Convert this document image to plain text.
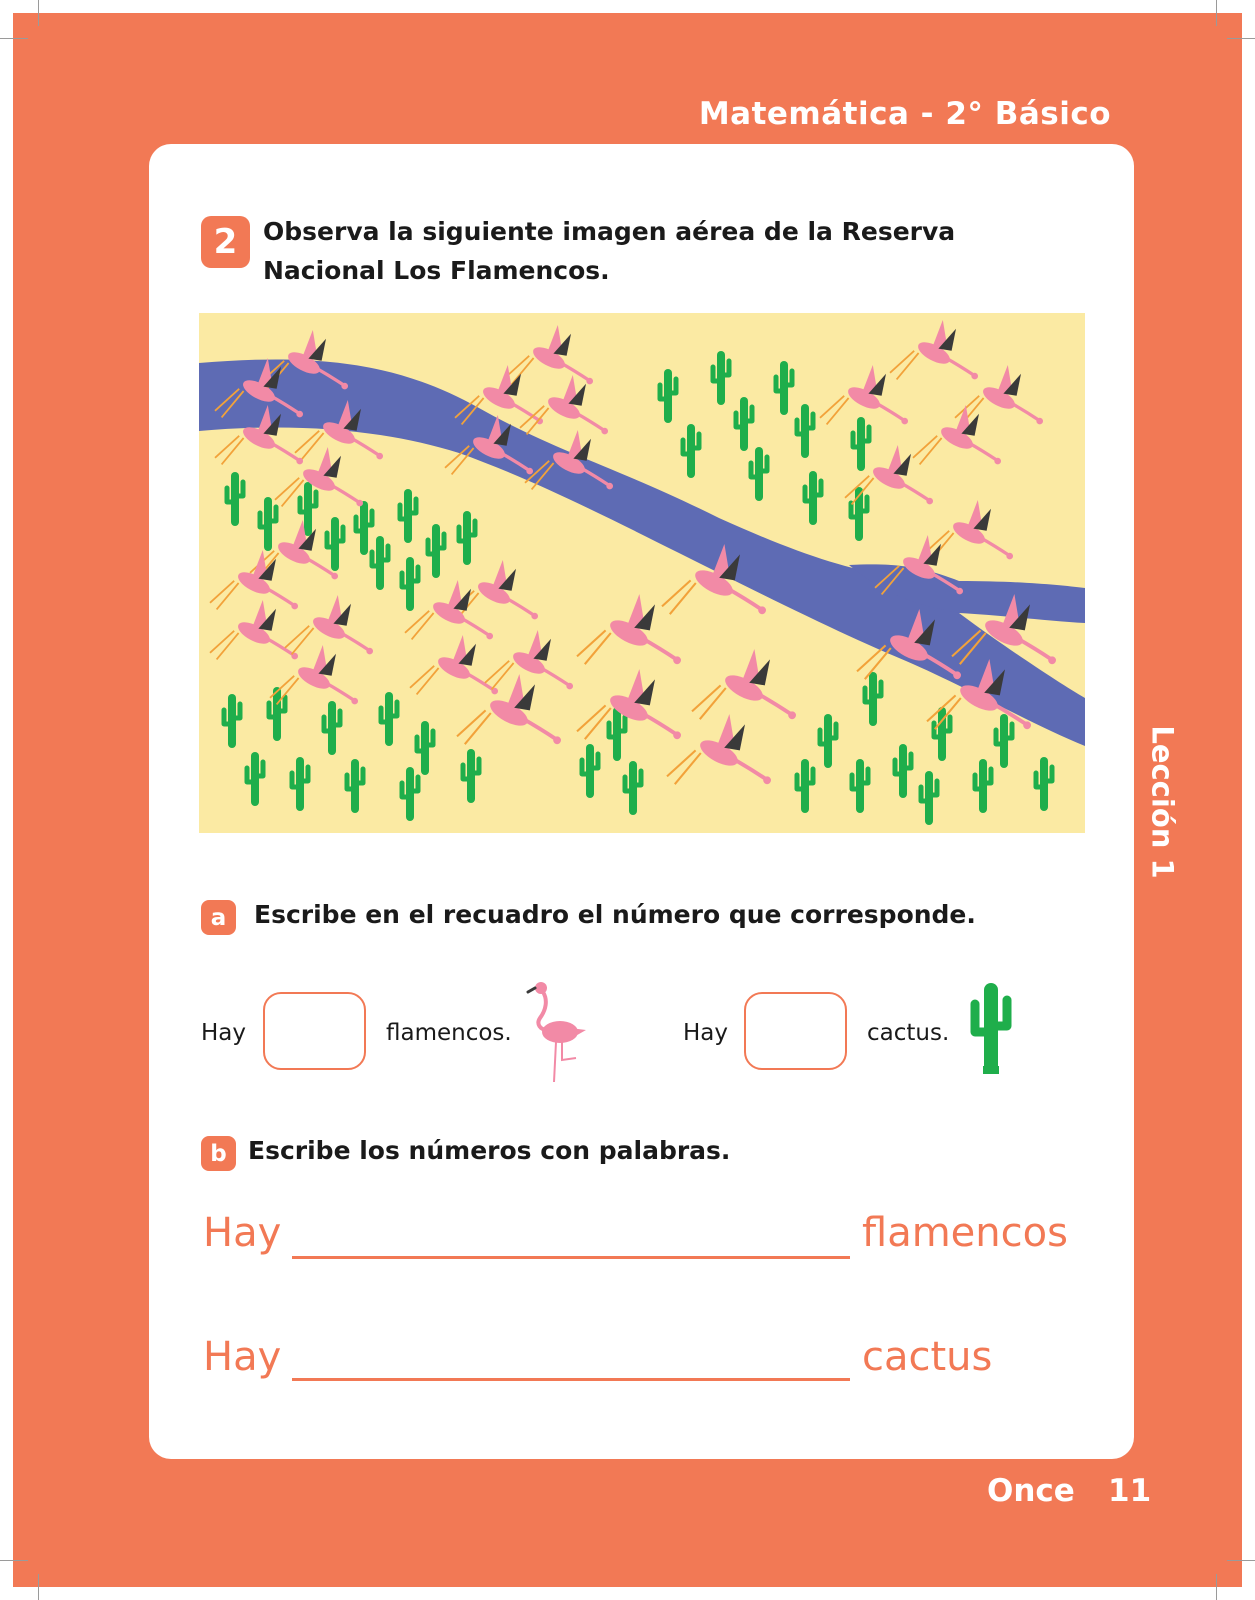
Matemática - 2° Básico
2	Observa la siguiente imagen aérea de la Reserva Nacional Los Flamencos.
a	Escribe en el recuadro el número que corresponde.
Hay	flamencos.	Hay	cactus.
b Escribe los números con palabras.
Hay	flamencos
Hay	cactus
Lección 1
Once 11
